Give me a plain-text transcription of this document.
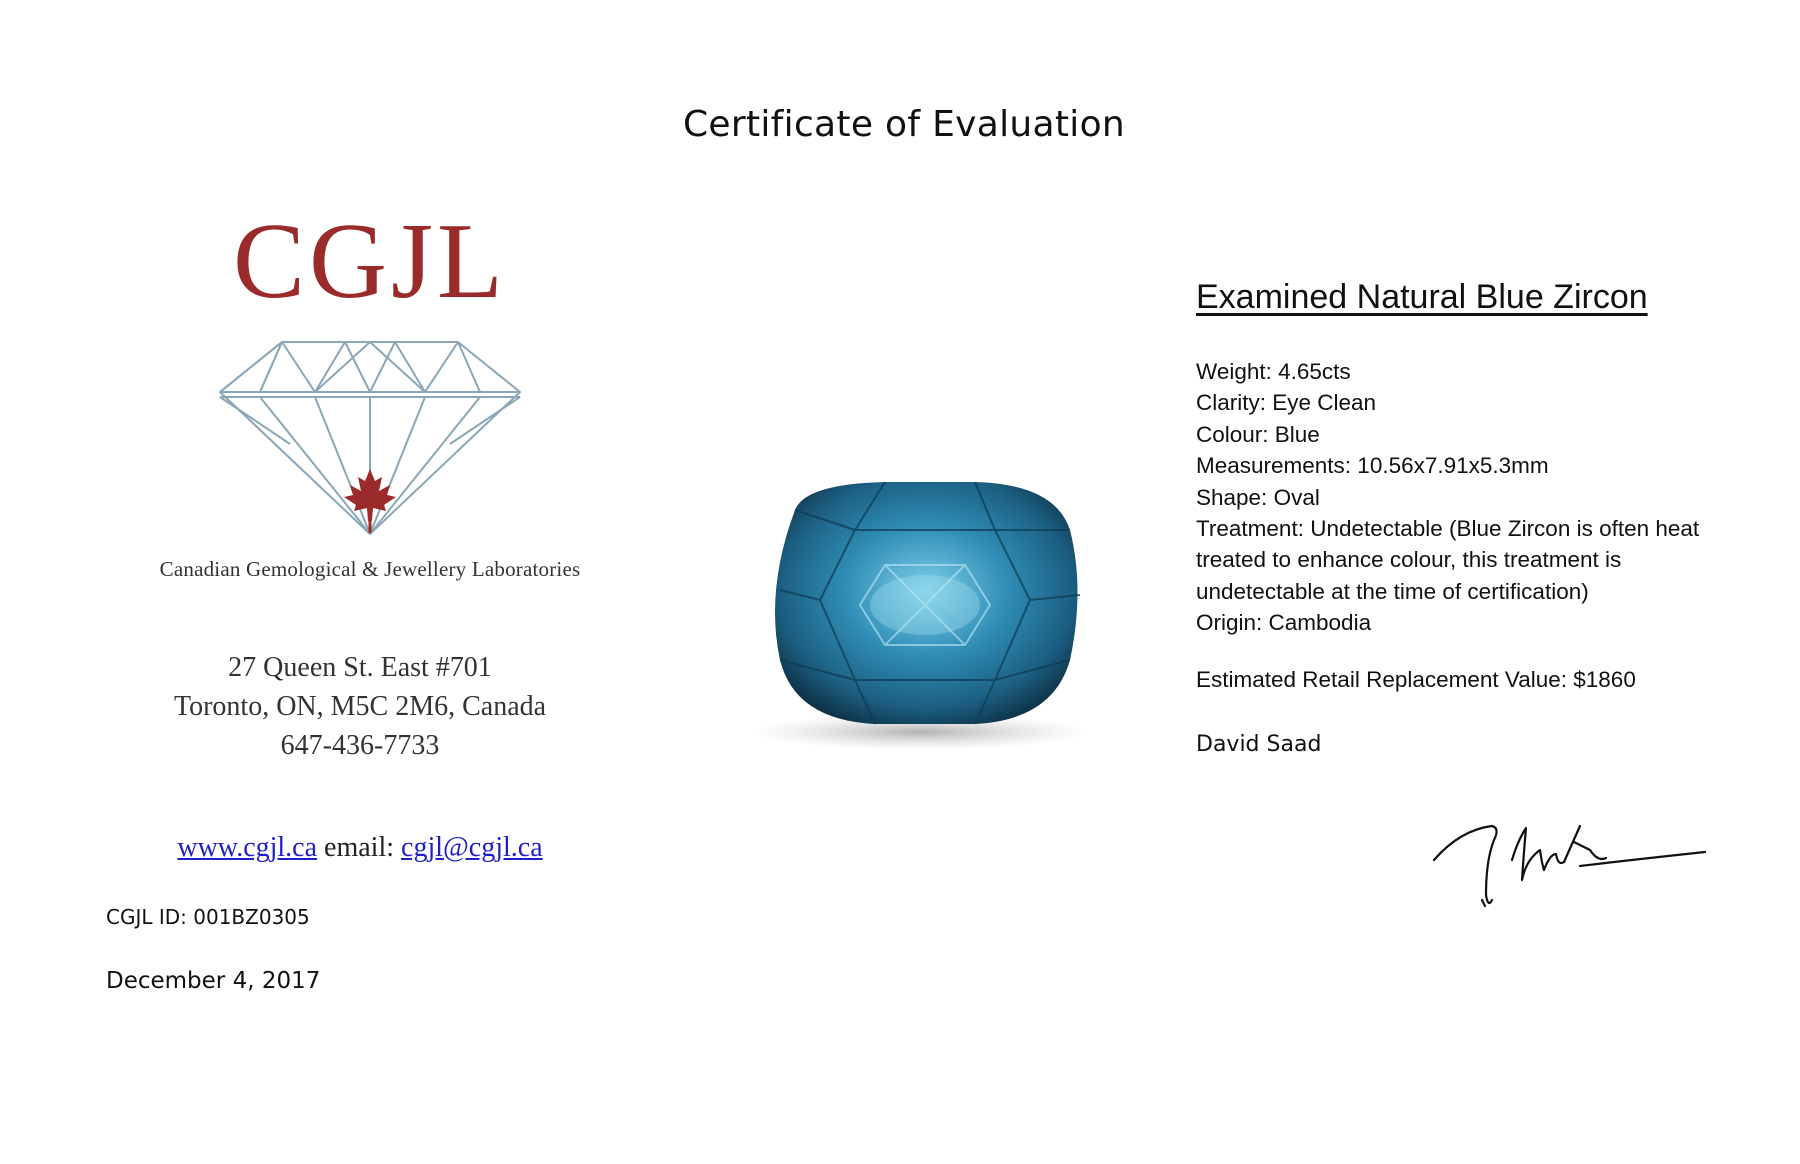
Certificate of Evaluation
CGJL
Canadian Gemological & Jewellery Laboratories
27 Queen St. East #701
Toronto, ON, M5C 2M6, Canada
647-436-7733
www.cgjl.ca email: cgjl@cgjl.ca
CGJL ID: 001BZ0305
December 4, 2017
Examined Natural Blue Zircon
Weight: 4.65cts
Clarity: Eye Clean
Colour: Blue
Measurements: 10.56x7.91x5.3mm
Shape: Oval
Treatment: Undetectable (Blue Zircon is often heat treated to enhance colour, this treatment is undetectable at the time of certification)
Origin: Cambodia
Estimated Retail Replacement Value: $1860
David Saad
